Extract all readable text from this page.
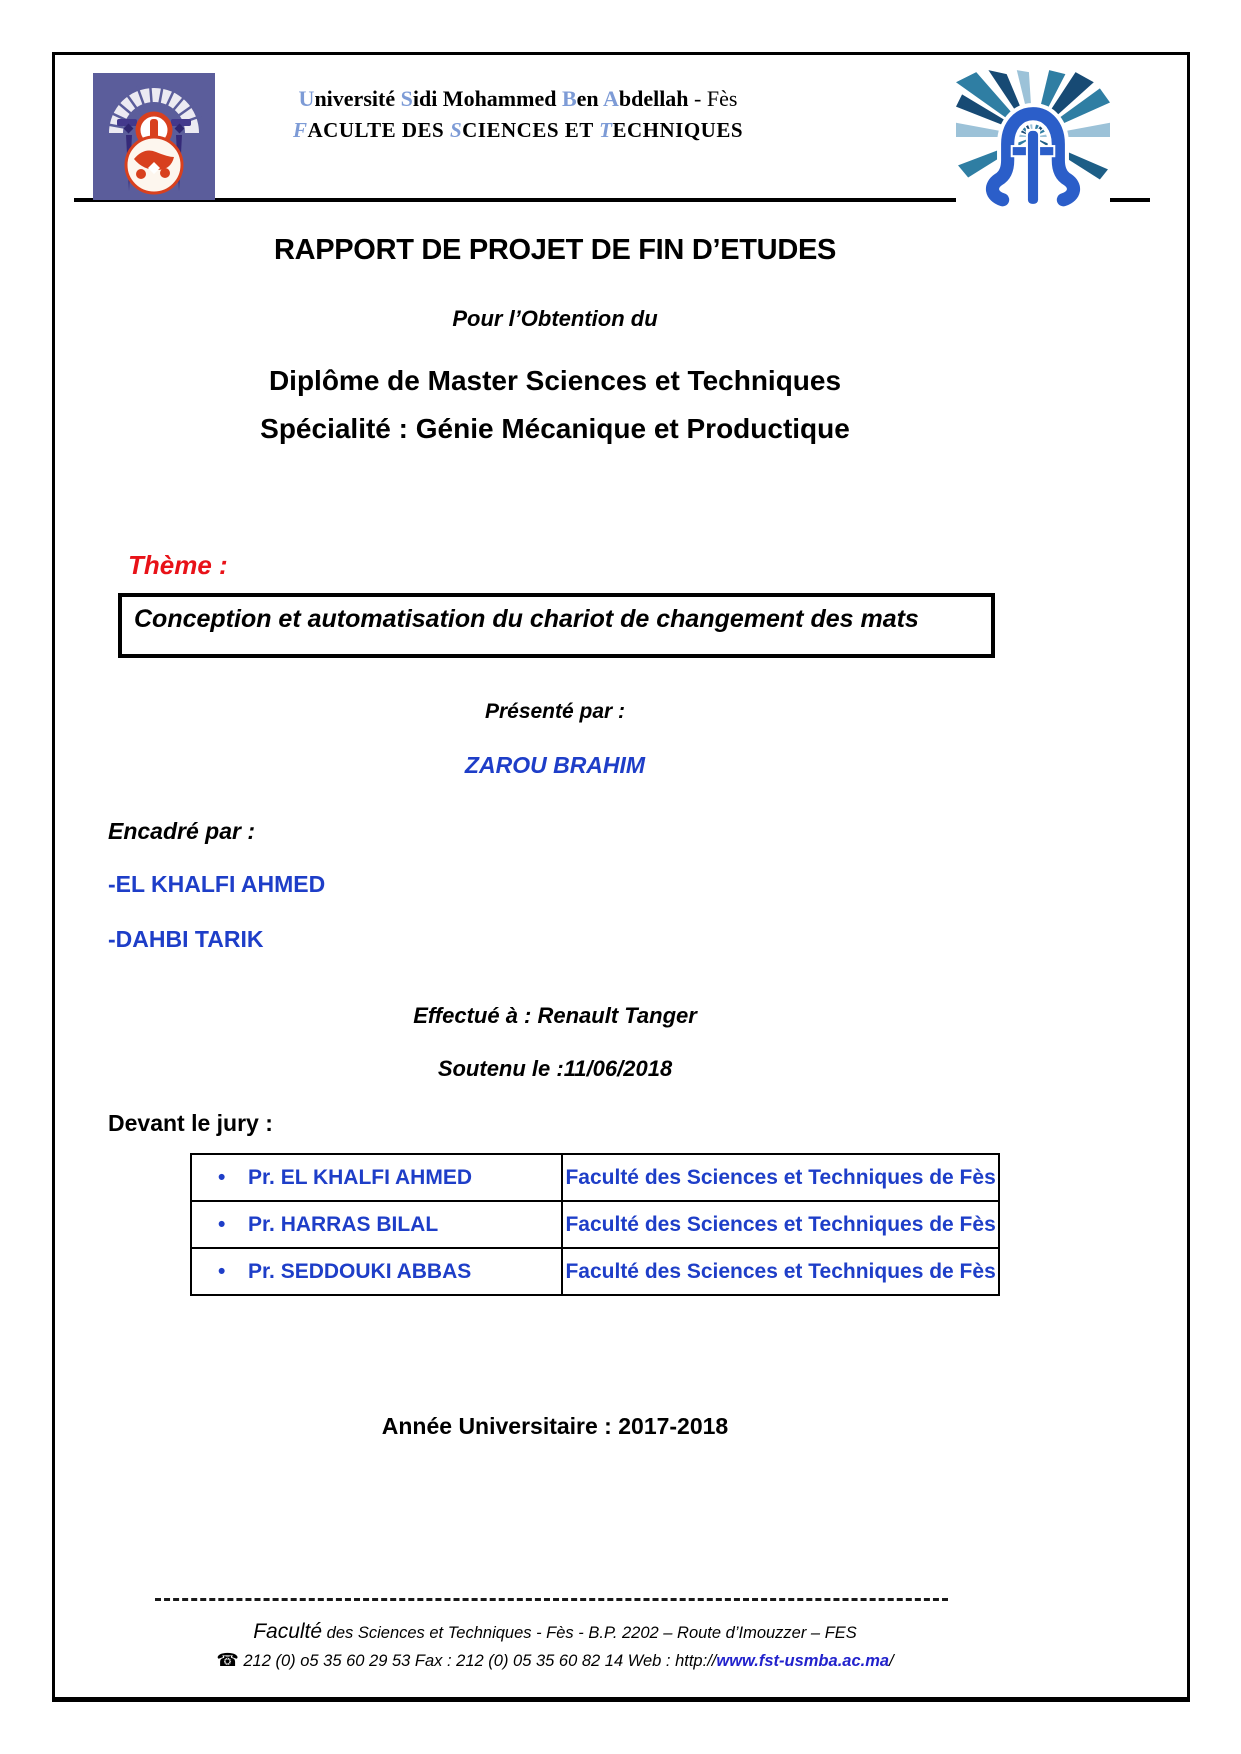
Université Sidi Mohammed Ben Abdellah - Fès
FACULTE DES SCIENCES ET TECHNIQUES
RAPPORT DE PROJET DE FIN D’ETUDES
Pour l’Obtention du
Diplôme de Master Sciences et Techniques
Spécialité : Génie Mécanique et Productique
Thème :
Conception et automatisation du chariot de changement des mats
Présenté par :
ZAROU BRAHIM
Encadré par :
-EL KHALFI AHMED
-DAHBI TARIK
Effectué à : Renault Tanger
Soutenu le :11/06/2018
Devant le jury :
• Pr. EL KHALFI AHMED	Faculté des Sciences et Techniques de Fès
• Pr. HARRAS BILAL	Faculté des Sciences et Techniques de Fès
• Pr. SEDDOUKI ABBAS	Faculté des Sciences et Techniques de Fès
Année Universitaire : 2017-2018
Faculté des Sciences et Techniques - Fès - B.P. 2202 – Route d’Imouzzer – FES
☎ 212 (0) o5 35 60 29 53 Fax : 212 (0) 05 35 60 82 14 Web : http://www.fst-usmba.ac.ma/
